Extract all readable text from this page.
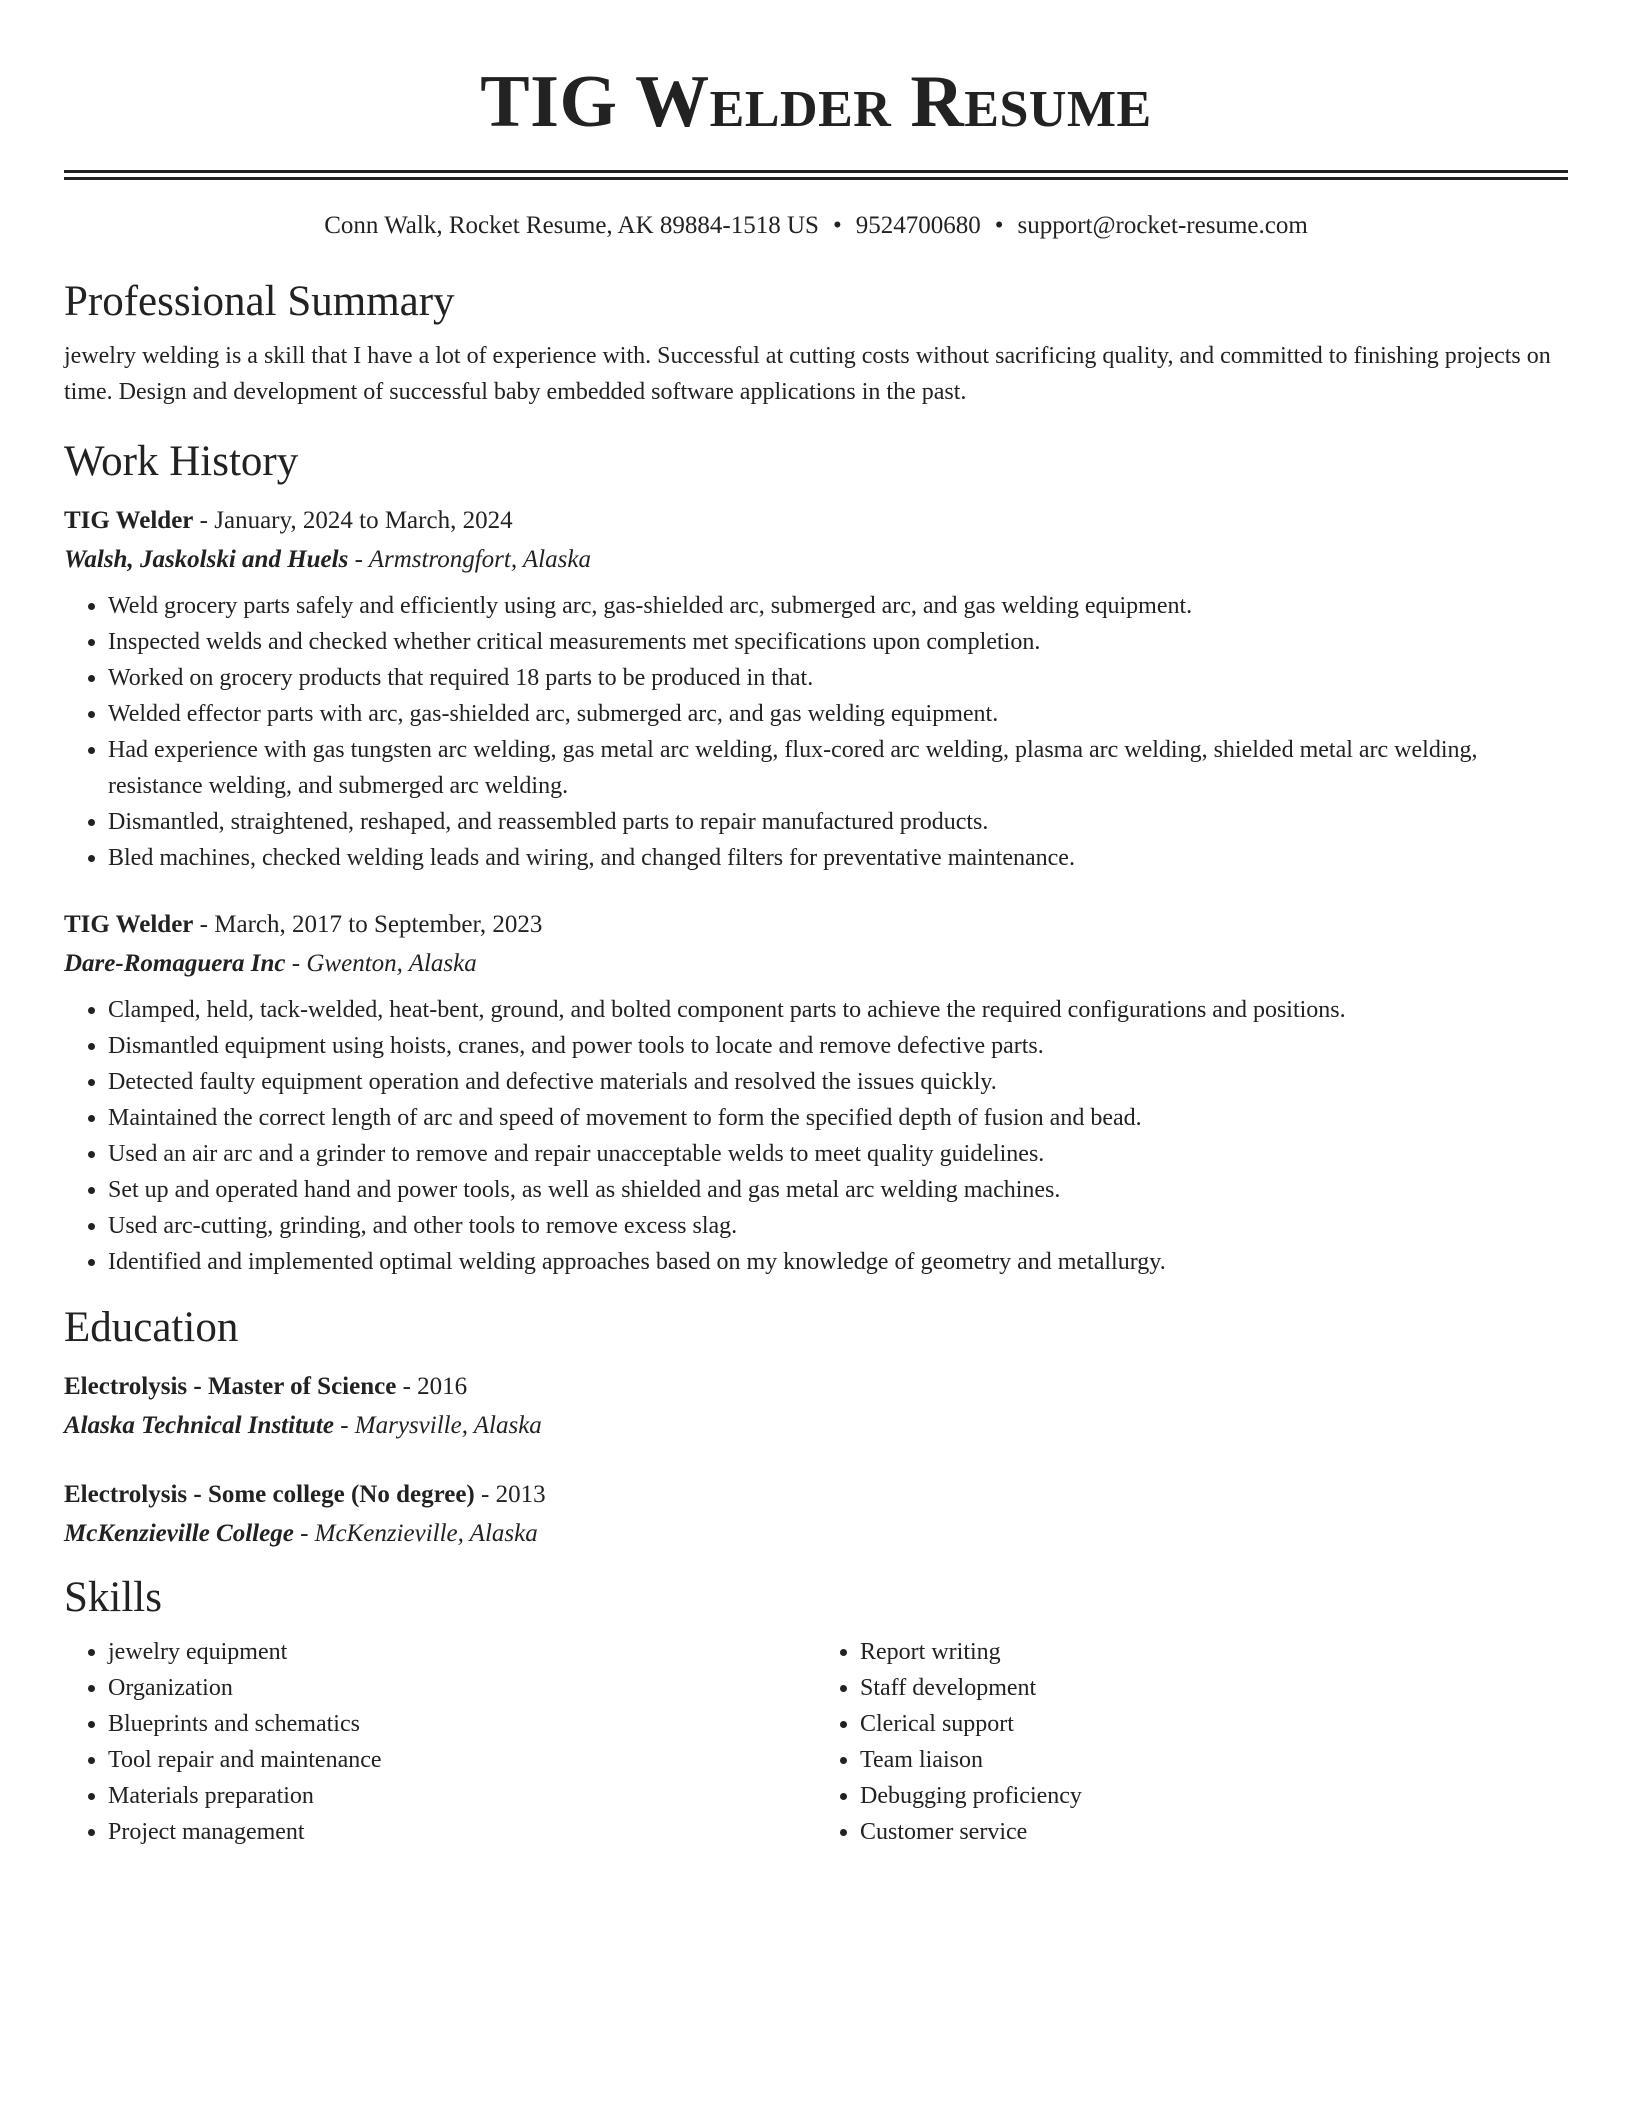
TIG Welder Resume
Conn Walk, Rocket Resume, AK 89884-1518 US • 9524700680 • support@rocket-resume.com
Professional Summary
jewelry welding is a skill that I have a lot of experience with. Successful at cutting costs without sacrificing quality, and committed to finishing projects on time. Design and development of successful baby embedded software applications in the past.
Work History
TIG Welder - January, 2024 to March, 2024
Walsh, Jaskolski and Huels - Armstrongfort, Alaska
• Weld grocery parts safely and efficiently using arc, gas-shielded arc, submerged arc, and gas welding equipment.
• Inspected welds and checked whether critical measurements met specifications upon completion.
• Worked on grocery products that required 18 parts to be produced in that.
• Welded effector parts with arc, gas-shielded arc, submerged arc, and gas welding equipment.
• Had experience with gas tungsten arc welding, gas metal arc welding, flux-cored arc welding, plasma arc welding, shielded metal arc welding, resistance welding, and submerged arc welding.
• Dismantled, straightened, reshaped, and reassembled parts to repair manufactured products.
• Bled machines, checked welding leads and wiring, and changed filters for preventative maintenance.
TIG Welder - March, 2017 to September, 2023
Dare-Romaguera Inc - Gwenton, Alaska
• Clamped, held, tack-welded, heat-bent, ground, and bolted component parts to achieve the required configurations and positions.
• Dismantled equipment using hoists, cranes, and power tools to locate and remove defective parts.
• Detected faulty equipment operation and defective materials and resolved the issues quickly.
• Maintained the correct length of arc and speed of movement to form the specified depth of fusion and bead.
• Used an air arc and a grinder to remove and repair unacceptable welds to meet quality guidelines.
• Set up and operated hand and power tools, as well as shielded and gas metal arc welding machines.
• Used arc-cutting, grinding, and other tools to remove excess slag.
• Identified and implemented optimal welding approaches based on my knowledge of geometry and metallurgy.
Education
Electrolysis - Master of Science - 2016
Alaska Technical Institute - Marysville, Alaska
Electrolysis - Some college (No degree) - 2013
McKenzieville College - McKenzieville, Alaska
Skills
• jewelry equipment
• Organization
• Blueprints and schematics
• Tool repair and maintenance
• Materials preparation
• Project management
• Report writing
• Staff development
• Clerical support
• Team liaison
• Debugging proficiency
• Customer service
